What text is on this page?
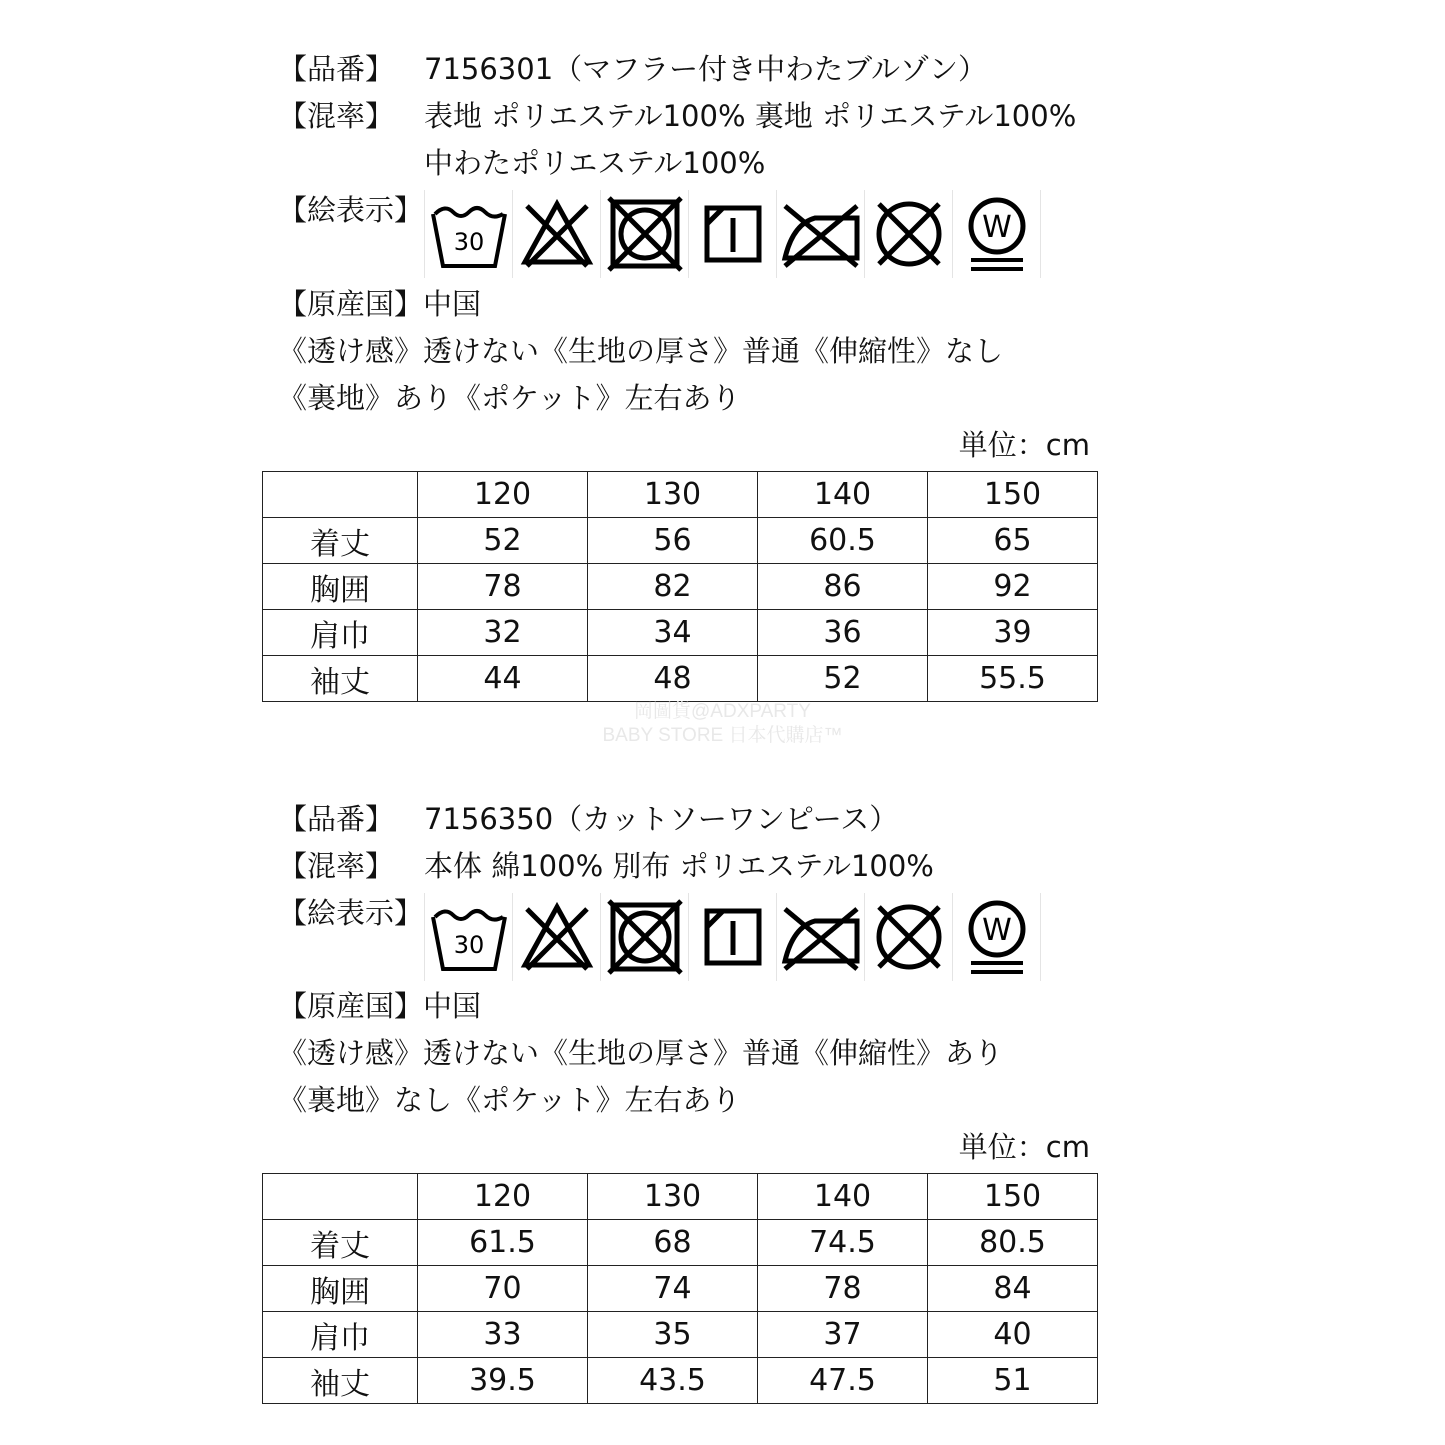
【品番】 7156301（マフラー付き中わたブルゾン）
【混率】 表地 ポリエステル100% 裏地 ポリエステル100%
中わたポリエステル100%
【絵表示】
30	W
【原産国】中国
《透け感》透けない《生地の厚さ》普通《伸縮性》なし
《裏地》あり《ポケット》左右あり
単位：cm
	120	130	140	150
着丈	52	56	60.5	65
胸囲	78	82	86	92
肩巾	32	34	36	39
袖丈	44	48	52	55.5
岡圖貨@ADXPARTY
BABY STORE 日本代購店™
【品番】 7156350（カットソーワンピース）
【混率】 本体 綿100% 別布 ポリエステル100%
【絵表示】
30	W
【原産国】中国
《透け感》透けない《生地の厚さ》普通《伸縮性》あり
《裏地》なし《ポケット》左右あり
単位：cm
	120	130	140	150
着丈	61.5	68	74.5	80.5
胸囲	70	74	78	84
肩巾	33	35	37	40
袖丈	39.5	43.5	47.5	51
